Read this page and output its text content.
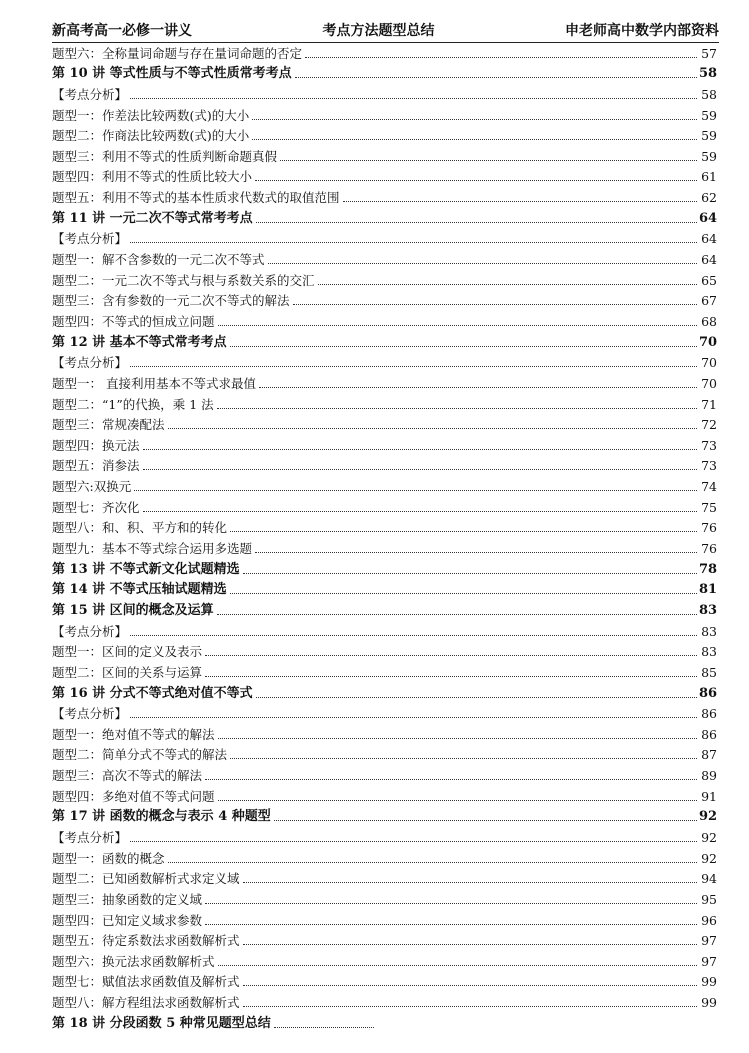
新高考高一必修一讲义	考点方法题型总结	申老师高中数学内部资料
题型六：全称量词命题与存在量词命题的否定	57
第 10 讲 等式性质与不等式性质常考考点	58
【考点分析】	58
题型一：作差法比较两数(式)的大小	59
题型二：作商法比较两数(式)的大小	59
题型三：利用不等式的性质判断命题真假	59
题型四：利用不等式的性质比较大小	61
题型五：利用不等式的基本性质求代数式的取值范围	62
第 11 讲 一元二次不等式常考考点	64
【考点分析】	64
题型一：解不含参数的一元二次不等式	64
题型二：一元二次不等式与根与系数关系的交汇	65
题型三：含有参数的一元二次不等式的解法	67
题型四：不等式的恒成立问题	68
第 12 讲 基本不等式常考考点	70
【考点分析】	70
题型一： 直接利用基本不等式求最值	70
题型二：“1”的代换，乘 1 法	71
题型三：常规凑配法	72
题型四：换元法	73
题型五：消参法	73
题型六:双换元	74
题型七：齐次化	75
题型八：和、积、平方和的转化	76
题型九：基本不等式综合运用多选题	76
第 13 讲 不等式新文化试题精选	78
第 14 讲 不等式压轴试题精选	81
第 15 讲 区间的概念及运算	83
【考点分析】	83
题型一：区间的定义及表示	83
题型二：区间的关系与运算	85
第 16 讲 分式不等式绝对值不等式	86
【考点分析】	86
题型一：绝对值不等式的解法	86
题型二：简单分式不等式的解法	87
题型三：高次不等式的解法	89
题型四：多绝对值不等式问题	91
第 17 讲 函数的概念与表示 4 种题型	92
【考点分析】	92
题型一：函数的概念	92
题型二：已知函数解析式求定义域	94
题型三：抽象函数的定义域	95
题型四：已知定义域求参数	96
题型五：待定系数法求函数解析式	97
题型六：换元法求函数解析式	97
题型七：赋值法求函数值及解析式	99
题型八：解方程组法求函数解析式	99
第 18 讲 分段函数 5 种常见题型总结
